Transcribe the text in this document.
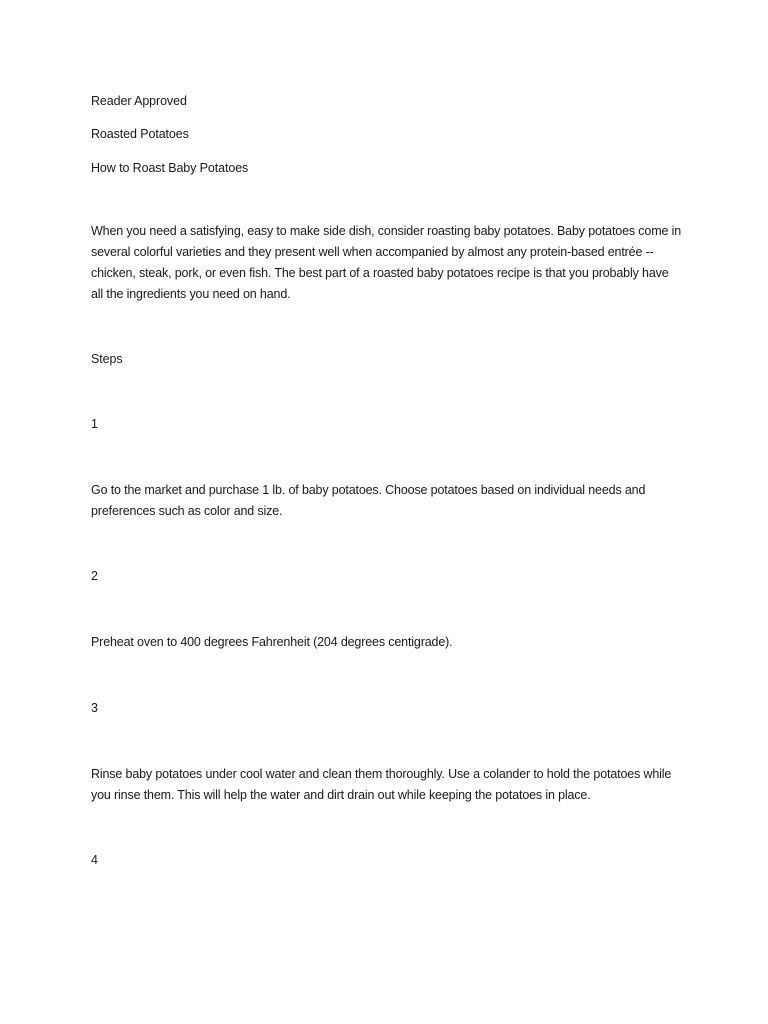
Reader Approved

Roasted Potatoes

How to Roast Baby Potatoes

When you need a satisfying, easy to make side dish, consider roasting baby potatoes. Baby potatoes come in several colorful varieties and they present well when accompanied by almost any protein-based entrée -- chicken, steak, pork, or even fish. The best part of a roasted baby potatoes recipe is that you probably have all the ingredients you need on hand.

Steps

1

Go to the market and purchase 1 lb. of baby potatoes. Choose potatoes based on individual needs and preferences such as color and size.

2

Preheat oven to 400 degrees Fahrenheit (204 degrees centigrade).

3

Rinse baby potatoes under cool water and clean them thoroughly. Use a colander to hold the potatoes while you rinse them. This will help the water and dirt drain out while keeping the potatoes in place.

4
